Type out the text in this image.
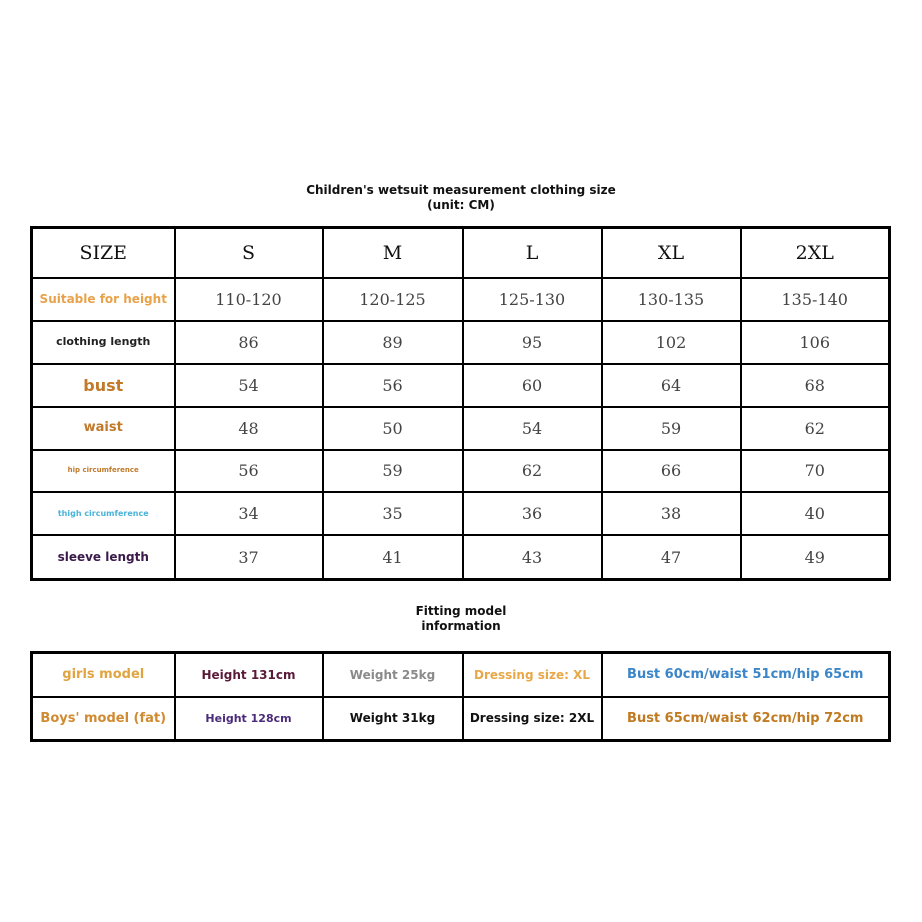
Children's wetsuit measurement clothing size
(unit: CM)
SIZE	S	M	L	XL	2XL
Suitable for height	110-120	120-125	125-130	130-135	135-140
clothing length	86	89	95	102	106
bust	54	56	60	64	68
waist	48	50	54	59	62
hip circumference	56	59	62	66	70
thigh circumference	34	35	36	38	40
sleeve length	37	41	43	47	49
Fitting model
information
girls model	Height 131cm	Weight 25kg	Dressing size: XL	Bust 60cm/waist 51cm/hip 65cm
Boys' model (fat)	Height 128cm	Weight 31kg	Dressing size: 2XL	Bust 65cm/waist 62cm/hip 72cm
